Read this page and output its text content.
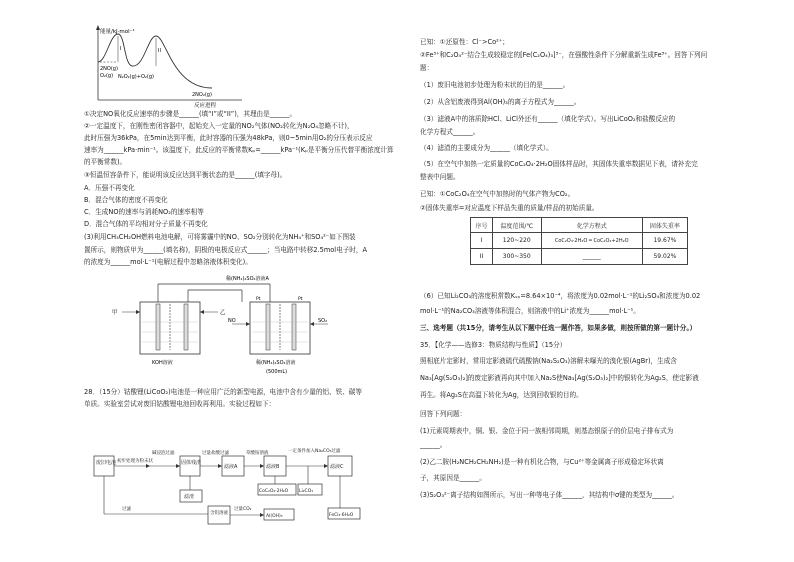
能量/kJ·mol⁻¹
2NO(g)
O₂(g) N₂O₂(g)+O₂(g)
2NO₂(g)
I	II
反应进程
①决定NO氧化反应速率的步骤是______(填“I”或“II”)，其理由是______。
②一定温度下，在刚性密闭容器中，起始充入一定量的NO₂气体(NO₂转化为N₂O₄忽略不计)，
此时压强为36kPa，在5min达到平衡，此时容器的压强为48kPa，则0~5min用O₂的分压表示反应
速率为______kPa·min⁻¹。该温度下，此反应的平衡常数Kₚ=______kPa⁻¹(Kₚ是平衡分压代替平衡浓度计算
的平衡常数)。
③恒温恒容条件下，能说明该反应达到平衡状态的是______(填字母)。
A．压强不再变化
B．混合气体的密度不再变化
C．生成NO的速率与消耗NO₂的速率相等
D．混合气体的平均相对分子质量不再变化
(3)利用CH₃CH₂OH燃料电池电解，可将雾霾中的NO、SO₂分别转化为NH₄⁺和SO₄²⁻如下图装
置所示，则物质甲为______(填名称)，阴极的电极反应式______；当电路中转移2.5mol电子时，A
的浓度为______mol·L⁻¹(电解过程中忽略溶液体积变化)。
稀(NH₄)₂SO₄溶液A
甲	乙
KOH溶液
NO	SO₂
Pt	Pt
稀(NH₄)₂SO₄溶液
(500mL)
28．（15分）钴酸锂(LiCoO₂)电池是一种应用广泛的新型电源，电池中含有少量的铝、铁、碳等
单质。实验室尝试对废旧钴酸锂电池回收再利用。实验过程如下：
废旧电池 初步处理为粉末状
碱浸泡过滤
固体残渣
过量盐酸过滤
滤液A
草酸铵溶液
滤液B
一定条件加入Na₂CO₃过滤
滤液C
滤渣
CoC₂O₄·2H₂O Li₂CO₃
FeCl₃·6H₂O
含铝溶液
过滤	过量CO₂
Al(OH)₃
已知：①还原性：Cl⁻>Co²⁺；
②Fe³⁺和C₂O₄²⁻结合生成较稳定的[Fe(C₂O₄)₃]³⁻，在强酸性条件下分解重新生成Fe³⁺。回答下列问
题：
（1）废旧电池初步处理为粉末状的目的是______。
（2）从含铝废液得到Al(OH)₃的离子方程式为______。
（3）滤液A中的溶质除HCl、LiCl外还有______（填化学式）。写出LiCoO₂和盐酸反应的
化学方程式______。
（4）滤渣的主要成分为______（填化学式）。
（5）在空气中加热一定质量的CoC₂O₄·2H₂O固体样品时，其固体失重率数据见下表，请补充完
整表中问题。
已知：①CoC₂O₄在空气中加热时的气体产物为CO₂。
②固体失重率=对应温度下样品失重的质量/样品的初始质量。
序号	温度范围/℃	化学方程式	固体失重率
I	120~220	CoC₂O₄·2H₂O ═ CoC₂O₄+2H₂O	19.67%
II	300~350	______	59.02%
（6）已知Li₂CO₃的溶度积常数Kₛₚ=8.64×10⁻⁴，将浓度为0.02mol·L⁻¹的Li₂SO₄和浓度为0.02
mol·L⁻¹的Na₂CO₃溶液等体积混合，则溶液中的Li⁺浓度为______mol·L⁻¹。
三、选考题（共15分，请考生从以下题中任选一题作答，如果多做，则按所做的第一题计分。）
35．【化学——选修3：物质结构与性质】（15分）
照相底片定影时，常用定影液硫代硫酸钠(Na₂S₂O₃)溶解未曝光的溴化银(AgBr)，生成含
Na₃[Ag(S₂O₃)₂]的废定影液再向其中加入Na₂S使Na₃[Ag(S₂O₃)₂]中的银转化为Ag₂S，使定影液
再生。将Ag₂S在高温下转化为Ag，达到回收银的目的。
回答下列问题：
(1)元素周期表中，铜、银、金位于同一族相邻周期，则基态银原子的价层电子排布式为
______。
(2)乙二胺(H₂NCH₂CH₂NH₂)是一种有机化合物，与Cu²⁺等金属离子形成稳定环状离
子，其原因是______。
(3)S₂O₃²⁻离子结构如图所示，写出一种等电子体______，其结构中σ键的类型为______。
